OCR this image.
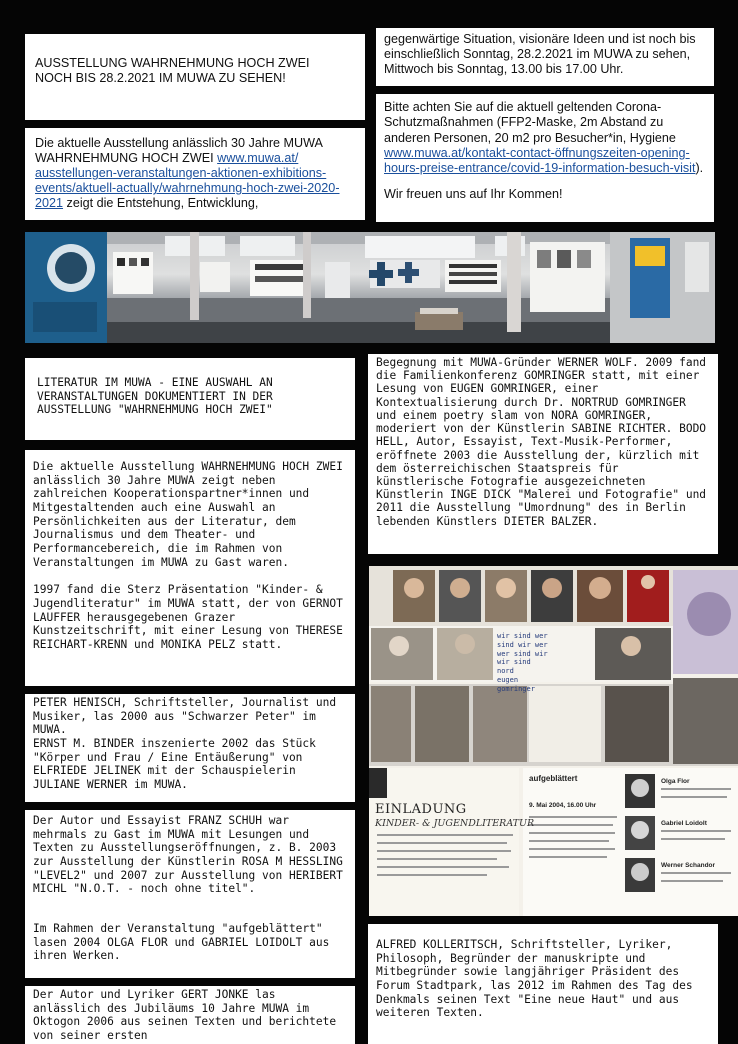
AUSSTELLUNG WAHRNEHMUNG HOCH ZWEI

NOCH BIS 28.2.2021 IM MUWA ZU SEHEN!

Die aktuelle Ausstellung anlässlich 30 Jahre MUWA WAHRNEHMUNG HOCH ZWEI www.muwa.at/ ausstellungen-veranstaltungen-aktionen-exhibitions-events/aktuell-actually/wahrnehmung-hoch-zwei-2020-2021 zeigt die Entstehung, Entwicklung,

gegenwärtige Situation, visionäre Ideen und ist noch bis einschließlich Sonntag, 28.2.2021 im MUWA zu sehen, Mittwoch bis Sonntag, 13.00 bis 17.00 Uhr.

Bitte achten Sie auf die aktuell geltenden Corona-Schutzmaßnahmen (FFP2-Maske, 2m Abstand zu anderen Personen, 20 m2 pro Besucher*in, Hygiene www.muwa.at/kontakt-contact-öffnungszeiten-opening-hours-preise-entrance/covid-19-information-besuch-visit).

Wir freuen uns auf Ihr Kommen!

LITERATUR IM MUWA - EINE AUSWAHL AN VERANSTALTUNGEN DOKUMENTIERT IN DER AUSSTELLUNG "WAHRNEHMUNG HOCH ZWEI"

Die aktuelle Ausstellung WAHRNEHMUNG HOCH ZWEI anlässlich 30 Jahre MUWA zeigt neben zahlreichen Kooperationspartner*innen und Mitgestaltenden auch eine Auswahl an Persönlichkeiten aus der Literatur, dem Journalismus und dem Theater- und Performancebereich, die im Rahmen von Veranstaltungen im MUWA zu Gast waren.

1997 fand die Sterz Präsentation "Kinder- & Jugendliteratur" im MUWA statt, der von GERNOT LAUFFER herausgegebenen Grazer Kunstzeitschrift, mit einer Lesung von THERESE REICHART-KRENN und MONIKA PELZ statt.

PETER HENISCH, Schriftsteller, Journalist und Musiker, las 2000 aus "Schwarzer Peter" im MUWA.

ERNST M. BINDER inszenierte 2002 das Stück "Körper und Frau / Eine Entäußerung" von ELFRIEDE JELINEK mit der Schauspielerin JULIANE WERNER im MUWA.

Der Autor und Essayist FRANZ SCHUH war mehrmals zu Gast im MUWA mit Lesungen und Texten zu Ausstellungseröffnungen, z. B. 2003 zur Ausstellung der Künstlerin ROSA M HESSLING "LEVEL2" und 2007 zur Ausstellung von HERIBERT MICHL "N.O.T. - noch ohne titel".

Im Rahmen der Veranstaltung "aufgeblättert" lasen 2004 OLGA FLOR und GABRIEL LOIDOLT aus ihren Werken.

Der Autor und Lyriker GERT JONKE las anlässlich des Jubiläums 10 Jahre MUWA im Oktogon 2006 aus seinen Texten und berichtete von seiner ersten

Begegnung mit MUWA-Gründer WERNER WOLF. 2009 fand die Familienkonferenz GOMRINGER statt, mit einer Lesung von EUGEN GOMRINGER, einer Kontextualisierung durch Dr. NORTRUD GOMRINGER und einem poetry slam von NORA GOMRINGER, moderiert von der Künstlerin SABINE RICHTER. BODO HELL, Autor, Essayist, Text-Musik-Performer, eröffnete 2003 die Ausstellung der, kürzlich mit dem österreichischen Staatspreis für künstlerische Fotografie ausgezeichneten Künstlerin INGE DICK "Malerei und Fotografie" und 2011 die Ausstellung "Umordnung" des in Berlin lebenden Künstlers DIETER BALZER.

wir sind wer
sind wir wer
wer sind wir
wir sind
nord
eugen
gomringer
EINLADUNG
KINDER- & JUGENDLITERATUR
aufgeblättert
9. Mai 2004, 16.00 Uhr
Olga Flor
Gabriel Loidolt
Werner Schandor

ALFRED KOLLERITSCH, Schriftsteller, Lyriker, Philosoph, Begründer der manuskripte und Mitbegründer sowie langjähriger Präsident des Forum Stadtpark, las 2012 im Rahmen des Tag des Denkmals seinen Text "Eine neue Haut" und aus weiteren Texten.
